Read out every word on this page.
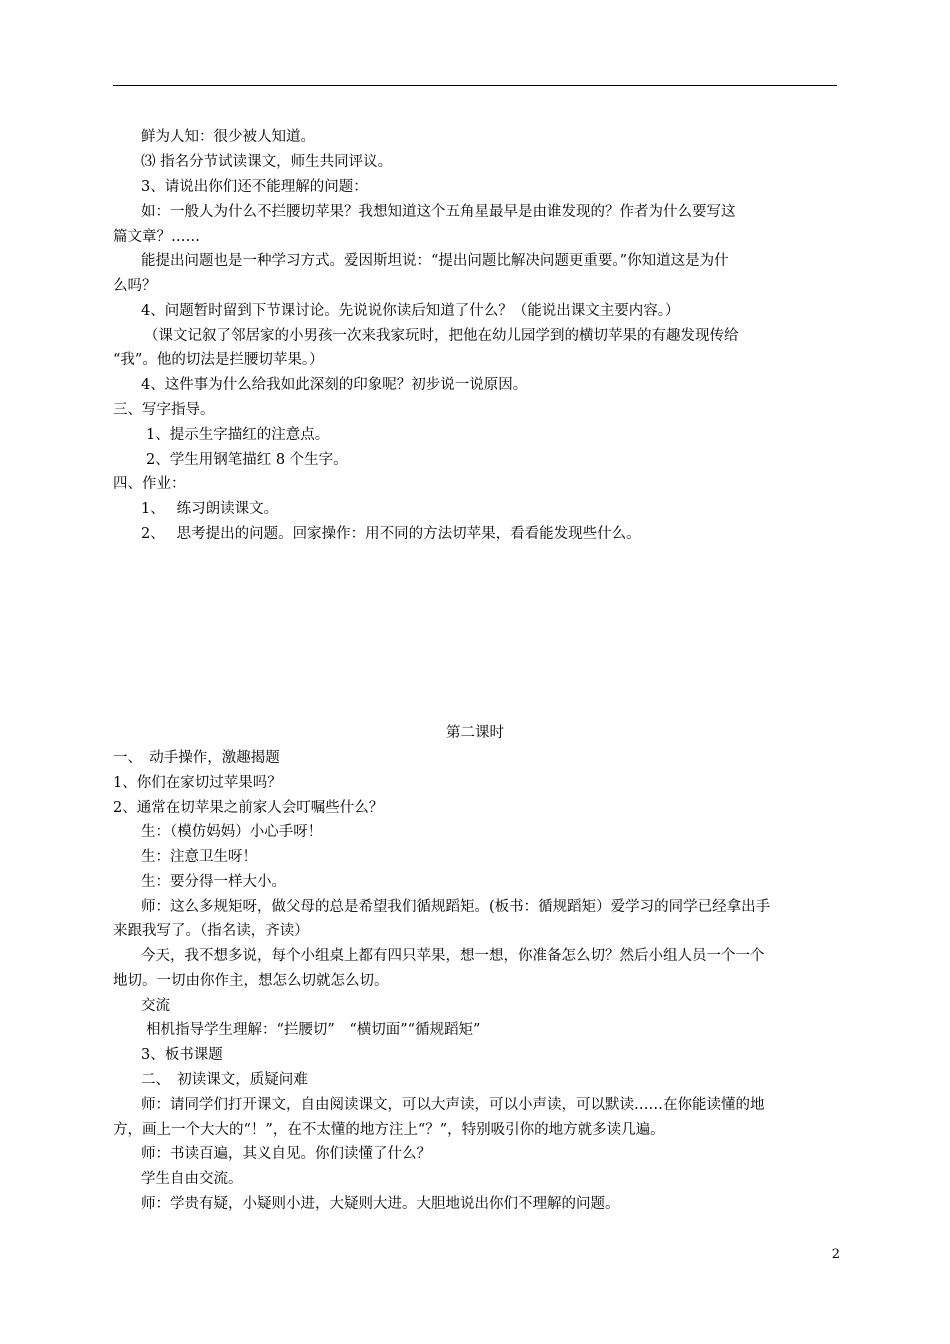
鲜为人知：很少被人知道。
⑶ 指名分节试读课文，师生共同评议。
3、请说出你们还不能理解的问题：
如：一般人为什么不拦腰切苹果？我想知道这个五角星最早是由谁发现的？作者为什么要写这
篇文章？……
能提出问题也是一种学习方式。爱因斯坦说：“提出问题比解决问题更重要。”你知道这是为什
么吗？
4、问题暂时留到下节课讨论。先说说你读后知道了什么？（能说出课文主要内容。）
（课文记叙了邻居家的小男孩一次来我家玩时，把他在幼儿园学到的横切苹果的有趣发现传给
“我”。他的切法是拦腰切苹果。）
4、这件事为什么给我如此深刻的印象呢？初步说一说原因。
三、写字指导。
1、提示生字描红的注意点。
2、学生用钢笔描红 8 个生字。
四、作业：
1、　 练习朗读课文。
2、　 思考提出的问题。回家操作：用不同的方法切苹果，看看能发现些什么。
第二课时
一、　动手操作，激趣揭题
1、你们在家切过苹果吗？
2、通常在切苹果之前家人会叮嘱些什么？
生：（模仿妈妈）小心手呀！
生：注意卫生呀！
生：要分得一样大小。
师：这么多规矩呀，做父母的总是希望我们循规蹈矩。(板书：循规蹈矩）爱学习的同学已经拿出手
来跟我写了。（指名读，齐读）
今天，我不想多说，每个小组桌上都有四只苹果，想一想，你准备怎么切？然后小组人员一个一个
地切。一切由你作主，想怎么切就怎么切。
交流
相机指导学生理解：“拦腰切”　“横切面”“循规蹈矩”
3、板书课题
二、　初读课文，质疑问难
师：请同学们打开课文，自由阅读课文，可以大声读，可以小声读，可以默读……在你能读懂的地
方，画上一个大大的“！”，在不太懂的地方注上“？”，特别吸引你的地方就多读几遍。
师：书读百遍，其义自见。你们读懂了什么？
学生自由交流。
师：学贵有疑，小疑则小进，大疑则大进。大胆地说出你们不理解的问题。
2
